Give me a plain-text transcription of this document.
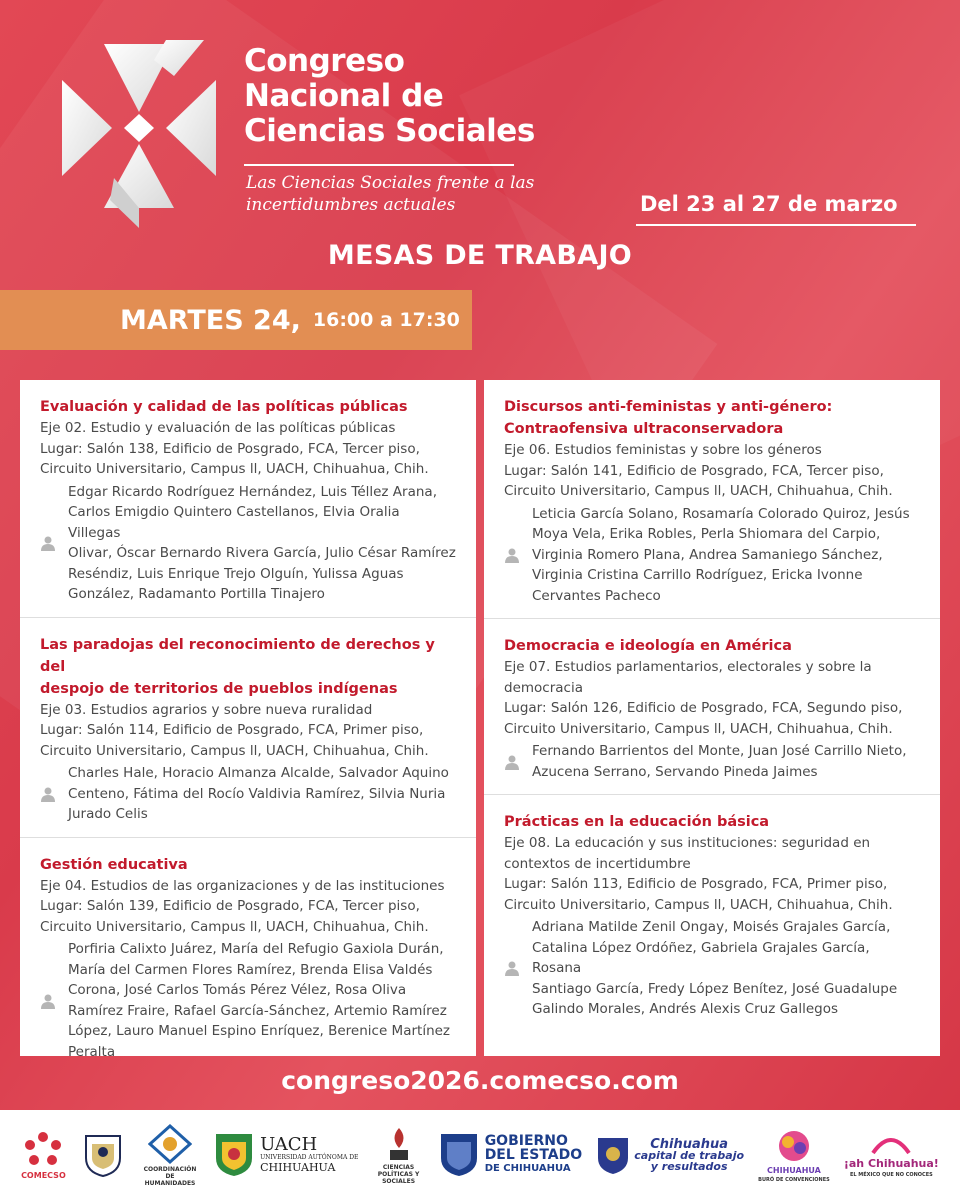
Congreso
Nacional de
Ciencias Sociales
Las Ciencias Sociales frente a las
incertidumbres actuales	Del 23 al 27 de marzo
MESAS DE TRABAJO
MARTES 24, 16:00 a 17:30
Evaluación y calidad de las políticas públicas
Eje 02. Estudio y evaluación de las políticas públicas
Lugar: Salón 138, Edificio de Posgrado, FCA, Tercer piso,
Circuito Universitario, Campus ll, UACH, Chihuahua, Chih.
Edgar Ricardo Rodríguez Hernández, Luis Téllez Arana,
Carlos Emigdio Quintero Castellanos, Elvia Oralia Villegas
Olivar, Óscar Bernardo Rivera García, Julio César Ramírez
Reséndiz, Luis Enrique Trejo Olguín, Yulissa Aguas
González, Radamanto Portilla Tinajero
Las paradojas del reconocimiento de derechos y del
despojo de territorios de pueblos indígenas
Eje 03. Estudios agrarios y sobre nueva ruralidad
Lugar: Salón 114, Edificio de Posgrado, FCA, Primer piso,
Circuito Universitario, Campus ll, UACH, Chihuahua, Chih.
Charles Hale, Horacio Almanza Alcalde, Salvador Aquino
Centeno, Fátima del Rocío Valdivia Ramírez, Silvia Nuria
Jurado Celis
Gestión educativa
Eje 04. Estudios de las organizaciones y de las instituciones
Lugar: Salón 139, Edificio de Posgrado, FCA, Tercer piso,
Circuito Universitario, Campus ll, UACH, Chihuahua, Chih.
Porfiria Calixto Juárez, María del Refugio Gaxiola Durán,
María del Carmen Flores Ramírez, Brenda Elisa Valdés
Corona, José Carlos Tomás Pérez Vélez, Rosa Oliva
Ramírez Fraire, Rafael García-Sánchez, Artemio Ramírez
López, Lauro Manuel Espino Enríquez, Berenice Martínez
Peralta
Discursos anti-feministas y anti-género:
Contraofensiva ultraconservadora
Eje 06. Estudios feministas y sobre los géneros
Lugar: Salón 141, Edificio de Posgrado, FCA, Tercer piso,
Circuito Universitario, Campus ll, UACH, Chihuahua, Chih.
Leticia García Solano, Rosamaría Colorado Quiroz, Jesús
Moya Vela, Erika Robles, Perla Shiomara del Carpio,
Virginia Romero Plana, Andrea Samaniego Sánchez,
Virginia Cristina Carrillo Rodríguez, Ericka Ivonne
Cervantes Pacheco
Democracia e ideología en América
Eje 07. Estudios parlamentarios, electorales y sobre la
democracia
Lugar: Salón 126, Edificio de Posgrado, FCA, Segundo piso,
Circuito Universitario, Campus ll, UACH, Chihuahua, Chih.
Fernando Barrientos del Monte, Juan José Carrillo Nieto,
Azucena Serrano, Servando Pineda Jaimes
Prácticas en la educación básica
Eje 08. La educación y sus instituciones: seguridad en
contextos de incertidumbre
Lugar: Salón 113, Edificio de Posgrado, FCA, Primer piso,
Circuito Universitario, Campus ll, UACH, Chihuahua, Chih.
Adriana Matilde Zenil Ongay, Moisés Grajales García,
Catalina López Ordóñez, Gabriela Grajales García, Rosana
Santiago García, Fredy López Benítez, José Guadalupe
Galindo Morales, Andrés Alexis Cruz Gallegos
congreso2026.comecso.com
COMECSO
COORDINACIÓN DE HUMANIDADES
UACH
UNIVERSIDAD AUTÓNOMA DE
CHIHUAHUA	CIENCIAS POLÍTICAS Y SOCIALES
GOBIERNO
DEL ESTADO
DE CHIHUAHUA
Chihuahua
capital de trabajo
y resultados	CHIHUAHUA
BURÓ DE CONVENCIONES
¡ah Chihuahua!
EL MÉXICO QUE NO CONOCES
